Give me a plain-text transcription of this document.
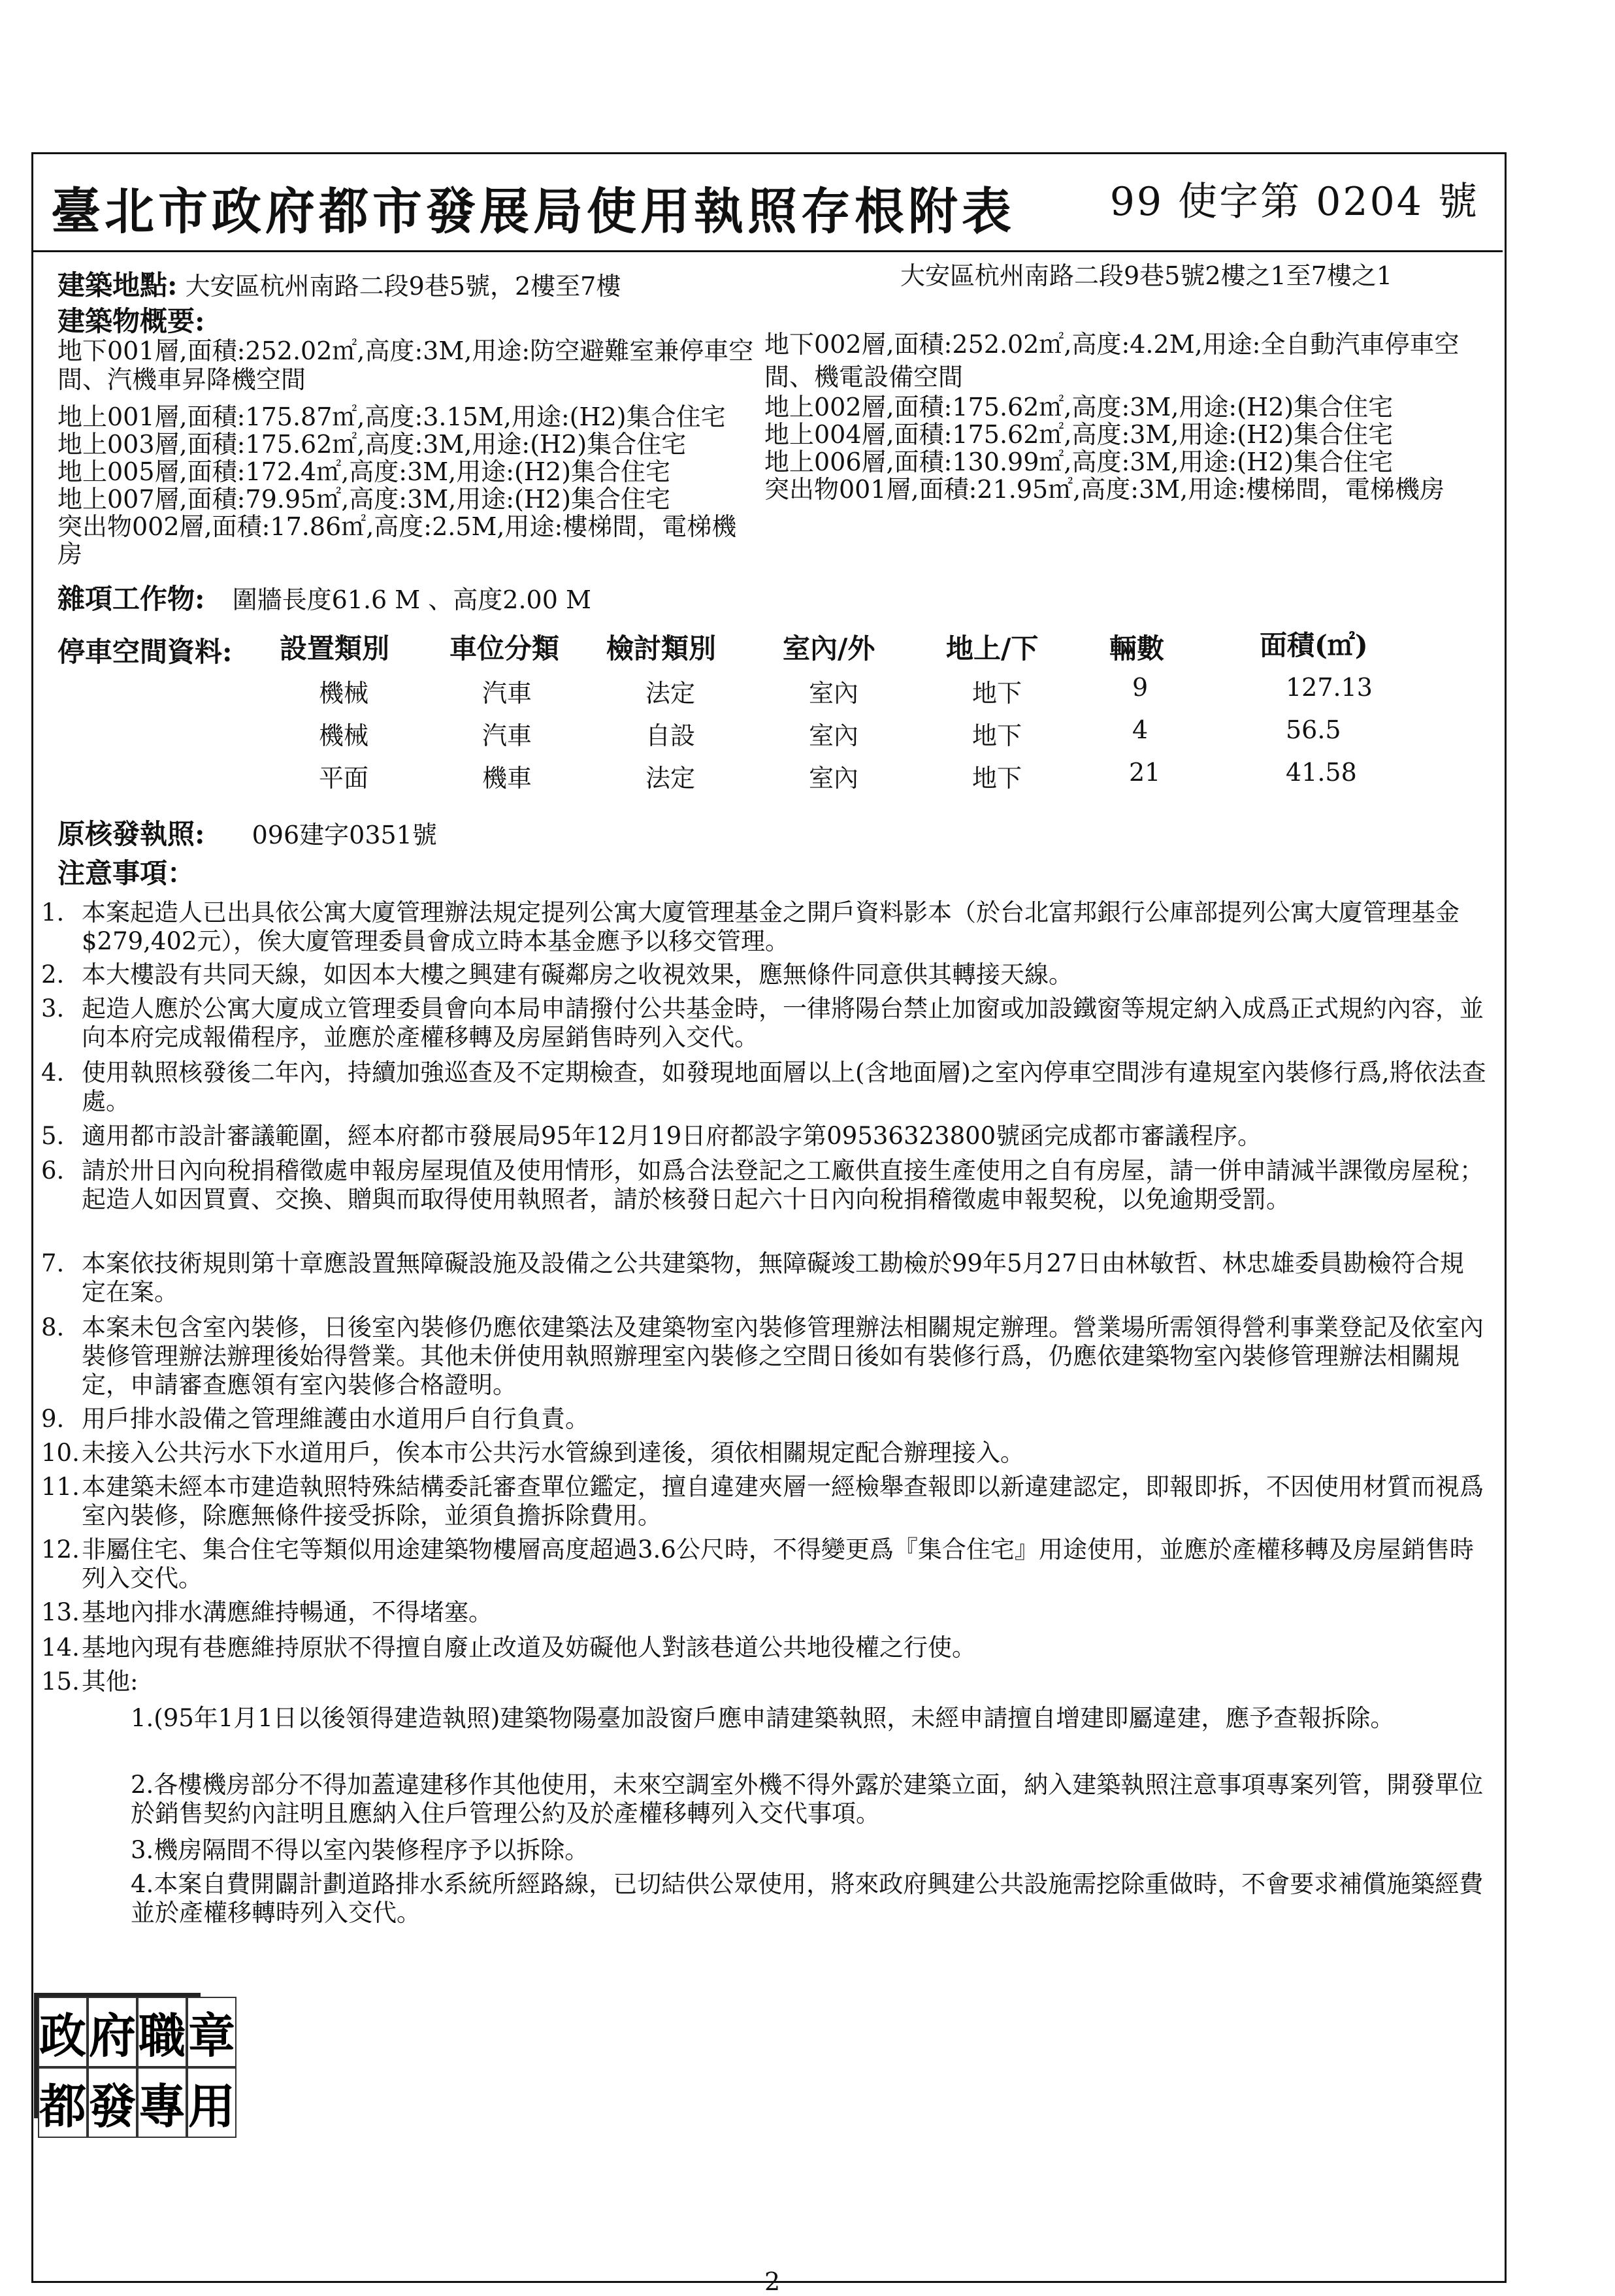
臺北市政府都市發展局使用執照存根附表 99 使字第 0204 號
建築地點: 大安區杭州南路二段9巷5號，2樓至7樓	大安區杭州南路二段9巷5號2樓之1至7樓之1
建築物概要:
地下001層,面積:252.02㎡,高度:3M,用途:防空避難室兼停車空
間、汽機車昇降機空間
地上001層,面積:175.87㎡,高度:3.15M,用途:(H2)集合住宅
地上003層,面積:175.62㎡,高度:3M,用途:(H2)集合住宅
地上005層,面積:172.4㎡,高度:3M,用途:(H2)集合住宅
地上007層,面積:79.95㎡,高度:3M,用途:(H2)集合住宅
突出物002層,面積:17.86㎡,高度:2.5M,用途:樓梯間，電梯機
房
地下002層,面積:252.02㎡,高度:4.2M,用途:全自動汽車停車空
間、機電設備空間
地上002層,面積:175.62㎡,高度:3M,用途:(H2)集合住宅
地上004層,面積:175.62㎡,高度:3M,用途:(H2)集合住宅
地上006層,面積:130.99㎡,高度:3M,用途:(H2)集合住宅
突出物001層,面積:21.95㎡,高度:3M,用途:樓梯間，電梯機房
雜項工作物: 圍牆長度61.6 M 、高度2.00 M
停車空間資料: 設置類別 車位分類 檢討類別 室內/外	地上/下	輛數	面積(㎡)
機械	汽車	法定	室內	地下	9	127.13
機械	汽車	自設	室內	地下	4	56.5
平面	機車	法定	室內	地下	21	41.58
原核發執照: 096建字0351號
注意事項：
1. 本案起造人已出具依公寓大廈管理辦法規定提列公寓大廈管理基金之開戶資料影本（於台北富邦銀行公庫部提列公寓大廈管理基金$279,402元），俟大廈管理委員會成立時本基金應予以移交管理。
2. 本大樓設有共同天線，如因本大樓之興建有礙鄰房之收視效果，應無條件同意供其轉接天線。
3. 起造人應於公寓大廈成立管理委員會向本局申請撥付公共基金時，一律將陽台禁止加窗或加設鐵窗等規定納入成爲正式規約內容，並向本府完成報備程序，並應於產權移轉及房屋銷售時列入交代。
4. 使用執照核發後二年內，持續加強巡查及不定期檢查，如發現地面層以上(含地面層)之室內停車空間涉有違規室內裝修行爲,將依法查處。
5. 適用都市設計審議範圍，經本府都市發展局95年12月19日府都設字第09536323800號函完成都市審議程序。
6. 請於卅日內向稅捐稽徵處申報房屋現值及使用情形，如爲合法登記之工廠供直接生產使用之自有房屋，請一併申請減半課徵房屋稅；起造人如因買賣、交換、贈與而取得使用執照者，請於核發日起六十日內向稅捐稽徵處申報契稅，以免逾期受罰。
7. 本案依技術規則第十章應設置無障礙設施及設備之公共建築物，無障礙竣工勘檢於99年5月27日由林敏哲、林忠雄委員勘檢符合規定在案。
8. 本案未包含室內裝修，日後室內裝修仍應依建築法及建築物室內裝修管理辦法相關規定辦理。營業場所需領得營利事業登記及依室內裝修管理辦法辦理後始得營業。其他未併使用執照辦理室內裝修之空間日後如有裝修行爲，仍應依建築物室內裝修管理辦法相關規定，申請審查應領有室內裝修合格證明。
9. 用戶排水設備之管理維護由水道用戶自行負責。
10. 未接入公共污水下水道用戶，俟本市公共污水管線到達後，須依相關規定配合辦理接入。
11. 本建築未經本市建造執照特殊結構委託審查單位鑑定，擅自違建夾層一經檢舉查報即以新違建認定，即報即拆，不因使用材質而視爲室內裝修，除應無條件接受拆除，並須負擔拆除費用。
12. 非屬住宅、集合住宅等類似用途建築物樓層高度超過3.6公尺時，不得變更爲『集合住宅』用途使用，並應於產權移轉及房屋銷售時列入交代。
13. 基地內排水溝應維持暢通，不得堵塞。
14. 基地內現有巷應維持原狀不得擅自廢止改道及妨礙他人對該巷道公共地役權之行使。
15. 其他:
1.(95年1月1日以後領得建造執照)建築物陽臺加設窗戶應申請建築執照，未經申請擅自增建即屬違建，應予查報拆除。
2.各樓機房部分不得加蓋違建移作其他使用，未來空調室外機不得外露於建築立面，納入建築執照注意事項專案列管，開發單位於銷售契約內註明且應納入住戶管理公約及於產權移轉列入交代事項。
3.機房隔間不得以室內裝修程序予以拆除。
4.本案自費開闢計劃道路排水系統所經路線，已切結供公眾使用，將來政府興建公共設施需挖除重做時，不會要求補償施築經費並於產權移轉時列入交代。
政 府 職 章
都 發 專 用
2
